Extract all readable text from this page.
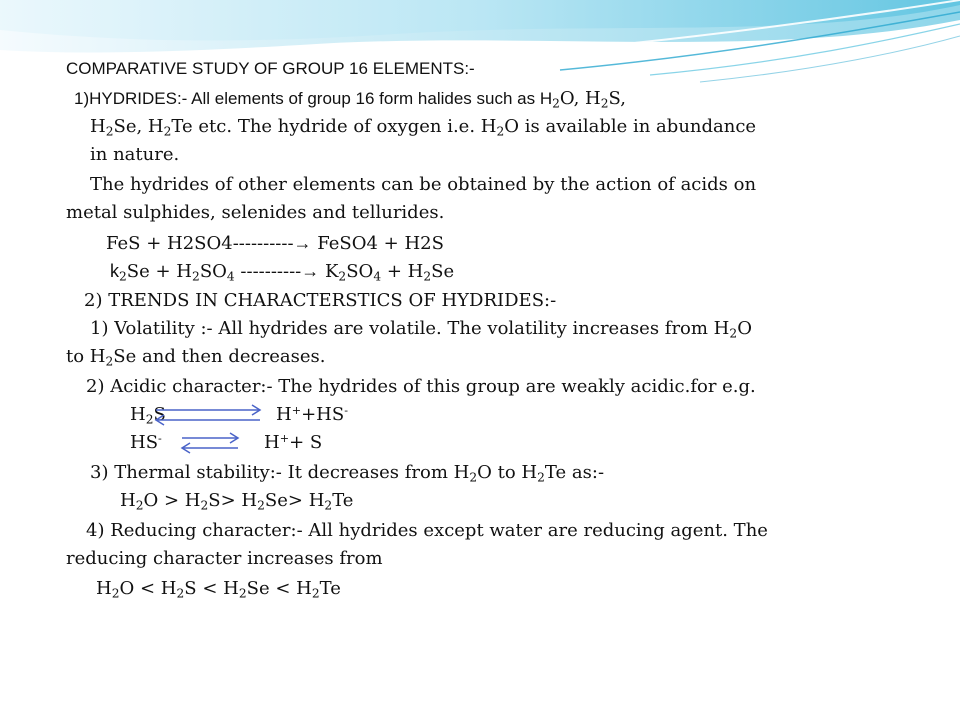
COMPARATIVE STUDY OF GROUP 16 ELEMENTS:-
1)HYDRIDES:- All elements of group 16 form halides such as $H_2O$, $H_2S$,
$H_2Se$, $H_2Te$ etc. The hydride of oxygen i.e. $H_2O$ is available in abundance
in nature.
The hydrides of other elements can be obtained by the action of acids on
metal sulphides, selenides and tellurides.
FeS + H2SO4----------→ FeSO4 + H2S
$k_2Se + H_2SO_4$ ----------→ $K_2SO_4 + H_2Se$
2) TRENDS IN CHARACTERSTICS OF HYDRIDES:-
1) Volatility :- All hydrides are volatile. The volatility increases from $H_2O$
to $H_2Se$ and then decreases.
2) Acidic character:- The hydrides of this group are weakly acidic.for e.g.
$H_2S$	H++HS-
HS- ⇌ H++ S
3) Thermal stability:- It decreases from $H_2O$ to $H_2Te$ as:-
$H_2O > H_2S> H_2Se> H_2Te$
4) Reducing character:- All hydrides except water are reducing agent. The
reducing character increases from
$H_2O < H_2S < H_2Se < H_2Te$
